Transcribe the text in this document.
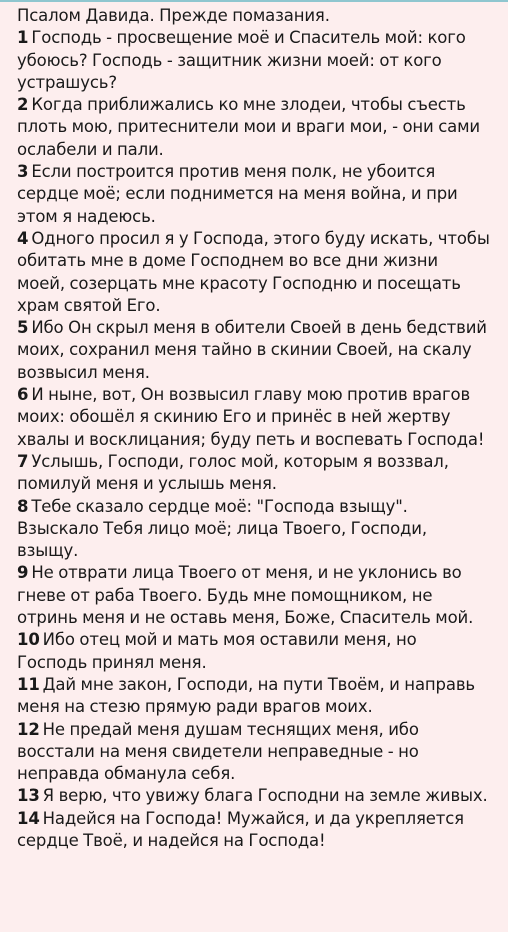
Псалом Давида. Прежде помазания.

1 Господь - просвещение моё и Спаситель мой: кого убоюсь? Господь - защитник жизни моей: от кого устрашусь?

2 Когда приближались ко мне злодеи, чтобы съесть плоть мою, притеснители мои и враги мои, - они сами ослабели и пали.

3 Если построится против меня полк, не убоится сердце моё; если поднимется на меня война, и при этом я надеюсь.

4 Одного просил я у Господа, этого буду искать, чтобы обитать мне в доме Господнем во все дни жизни моей, созерцать мне красоту Господню и посещать храм святой Его.

5 Ибо Он скрыл меня в обители Своей в день бедствий моих, сохранил меня тайно в скинии Своей, на скалу возвысил меня.

6 И ныне, вот, Он возвысил главу мою против врагов моих: обошёл я скинию Его и принёс в ней жертву хвалы и восклицания; буду петь и воспевать Господа!

7 Услышь, Господи, голос мой, которым я воззвал, помилуй меня и услышь меня.

8 Тебе сказало сердце моё: "Господа взыщу". Взыскало Тебя лицо моё; лица Твоего, Господи, взыщу.

9 Не отврати лица Твоего от меня, и не уклонись во гневе от раба Твоего. Будь мне помощником, не отринь меня и не оставь меня, Боже, Спаситель мой.

10 Ибо отец мой и мать моя оставили меня, но Господь принял меня.

11 Дай мне закон, Господи, на пути Твоём, и направь меня на стезю прямую ради врагов моих.

12 Не предай меня душам теснящих меня, ибо восстали на меня свидетели неправедные - но неправда обманула себя.

13 Я верю, что увижу блага Господни на земле живых.

14 Надейся на Господа! Мужайся, и да укрепляется сердце Твоё, и надейся на Господа!
